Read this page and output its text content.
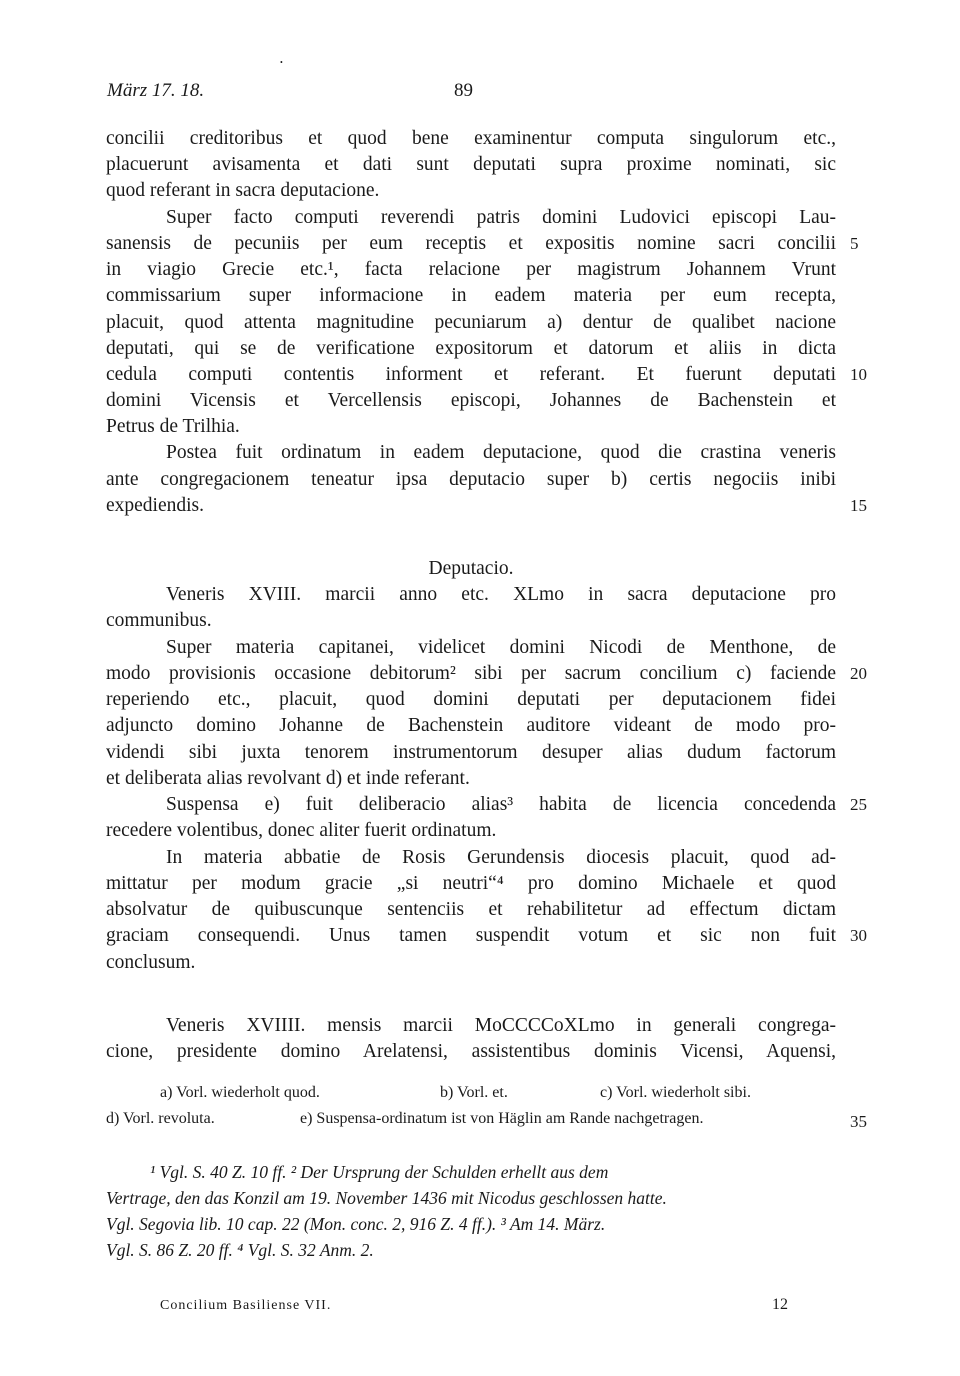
•
März 17. 18.	89
concilii creditoribus et quod bene examinentur computa singulorum etc.,
placuerunt avisamenta et dati sunt deputati supra proxime nominati, sic
quod referant in sacra deputacione.
Super facto computi reverendi patris domini Ludovici episcopi Lau-
sanensis de pecuniis per eum receptis et expositis nomine sacri concilii
in viagio Grecie etc.¹, facta relacione per magistrum Johannem Vrunt
commissarium super informacione in eadem materia per eum recepta,
placuit, quod attenta magnitudine pecuniarum a) dentur de qualibet nacione
deputati, qui se de verificatione expositorum et datorum et aliis in dicta
cedula computi contentis informent et referant. Et fuerunt deputati
domini Vicensis et Vercellensis episcopi, Johannes de Bachenstein et
Petrus de Trilhia.
Postea fuit ordinatum in eadem deputacione, quod die crastina veneris
ante congregacionem teneatur ipsa deputacio super b) certis negociis inibi
expediendis.
Deputacio.
Veneris XVIII. marcii anno etc. XLmo in sacra deputacione pro
communibus.
Super materia capitanei, videlicet domini Nicodi de Menthone, de
modo provisionis occasione debitorum² sibi per sacrum concilium c) faciende
reperiendo etc., placuit, quod domini deputati per deputacionem fidei
adjuncto domino Johanne de Bachenstein auditore videant de modo pro-
videndi sibi juxta tenorem instrumentorum desuper alias dudum factorum
et deliberata alias revolvant d) et inde referant.
Suspensa e) fuit deliberacio alias³ habita de licencia concedenda
recedere volentibus, donec aliter fuerit ordinatum.
In materia abbatie de Rosis Gerundensis diocesis placuit, quod ad-
mittatur per modum gracie „si neutri“⁴ pro domino Michaele et quod
absolvatur de quibuscunque sentenciis et rehabilitetur ad effectum dictam
graciam consequendi. Unus tamen suspendit votum et sic non fuit
conclusum.
Veneris XVIIII. mensis marcii MoCCCCoXLmo in generali congrega-
cione, presidente domino Arelatensi, assistentibus dominis Vicensi, Aquensi,
5
10
15
20
25
30
35
a) Vorl. wiederholt quod.	b) Vorl. et.	c) Vorl. wiederholt sibi.
d) Vorl. revoluta.	e) Suspensa-ordinatum ist von Häglin am Rande nachgetragen.
¹ Vgl. S. 40 Z. 10 ff. ² Der Ursprung der Schulden erhellt aus dem
Vertrage, den das Konzil am 19. November 1436 mit Nicodus geschlossen hatte.
Vgl. Segovia lib. 10 cap. 22 (Mon. conc. 2, 916 Z. 4 ff.). ³ Am 14. März.
Vgl. S. 86 Z. 20 ff. ⁴ Vgl. S. 32 Anm. 2.
Concilium Basiliense VII.	12
